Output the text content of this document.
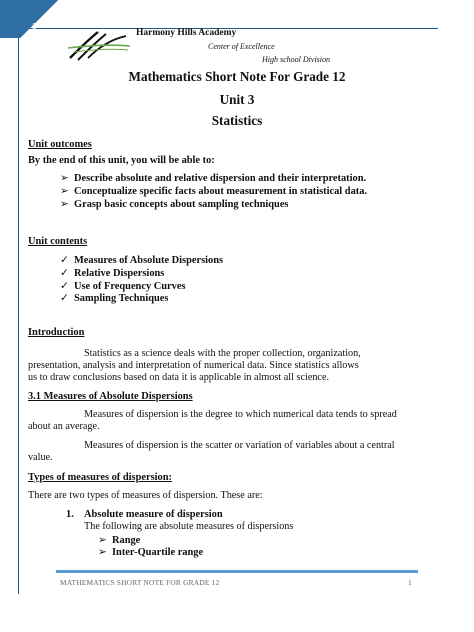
1
Harmony Hills Academy
Center of Excellence
High school Division
Mathematics Short Note For Grade 12
Unit 3
Statistics
Unit outcomes
By the end of this unit, you will be able to:
➢ Describe absolute and relative dispersion and their interpretation.
➢ Conceptualize specific facts about measurement in statistical data.
➢ Grasp basic concepts about sampling techniques
Unit contents
✓ Measures of Absolute Dispersions
✓ Relative Dispersions
✓ Use of Frequency Curves
✓ Sampling Techniques
Introduction
Statistics as a science deals with the proper collection, organization,
presentation, analysis and interpretation of numerical data. Since statistics allows
us to draw conclusions based on data it is applicable in almost all science.
3.1 Measures of Absolute Dispersions
Measures of dispersion is the degree to which numerical data tends to spread
about an average.
Measures of dispersion is the scatter or variation of variables about a central
value.
Types of measures of dispersion:
There are two types of measures of dispersion. These are:
1. Absolute measure of dispersion
The following are absolute measures of dispersions
➢ Range
➢ Inter-Quartile range
MATHEMATICS SHORT NOTE FOR GRADE 12	1
